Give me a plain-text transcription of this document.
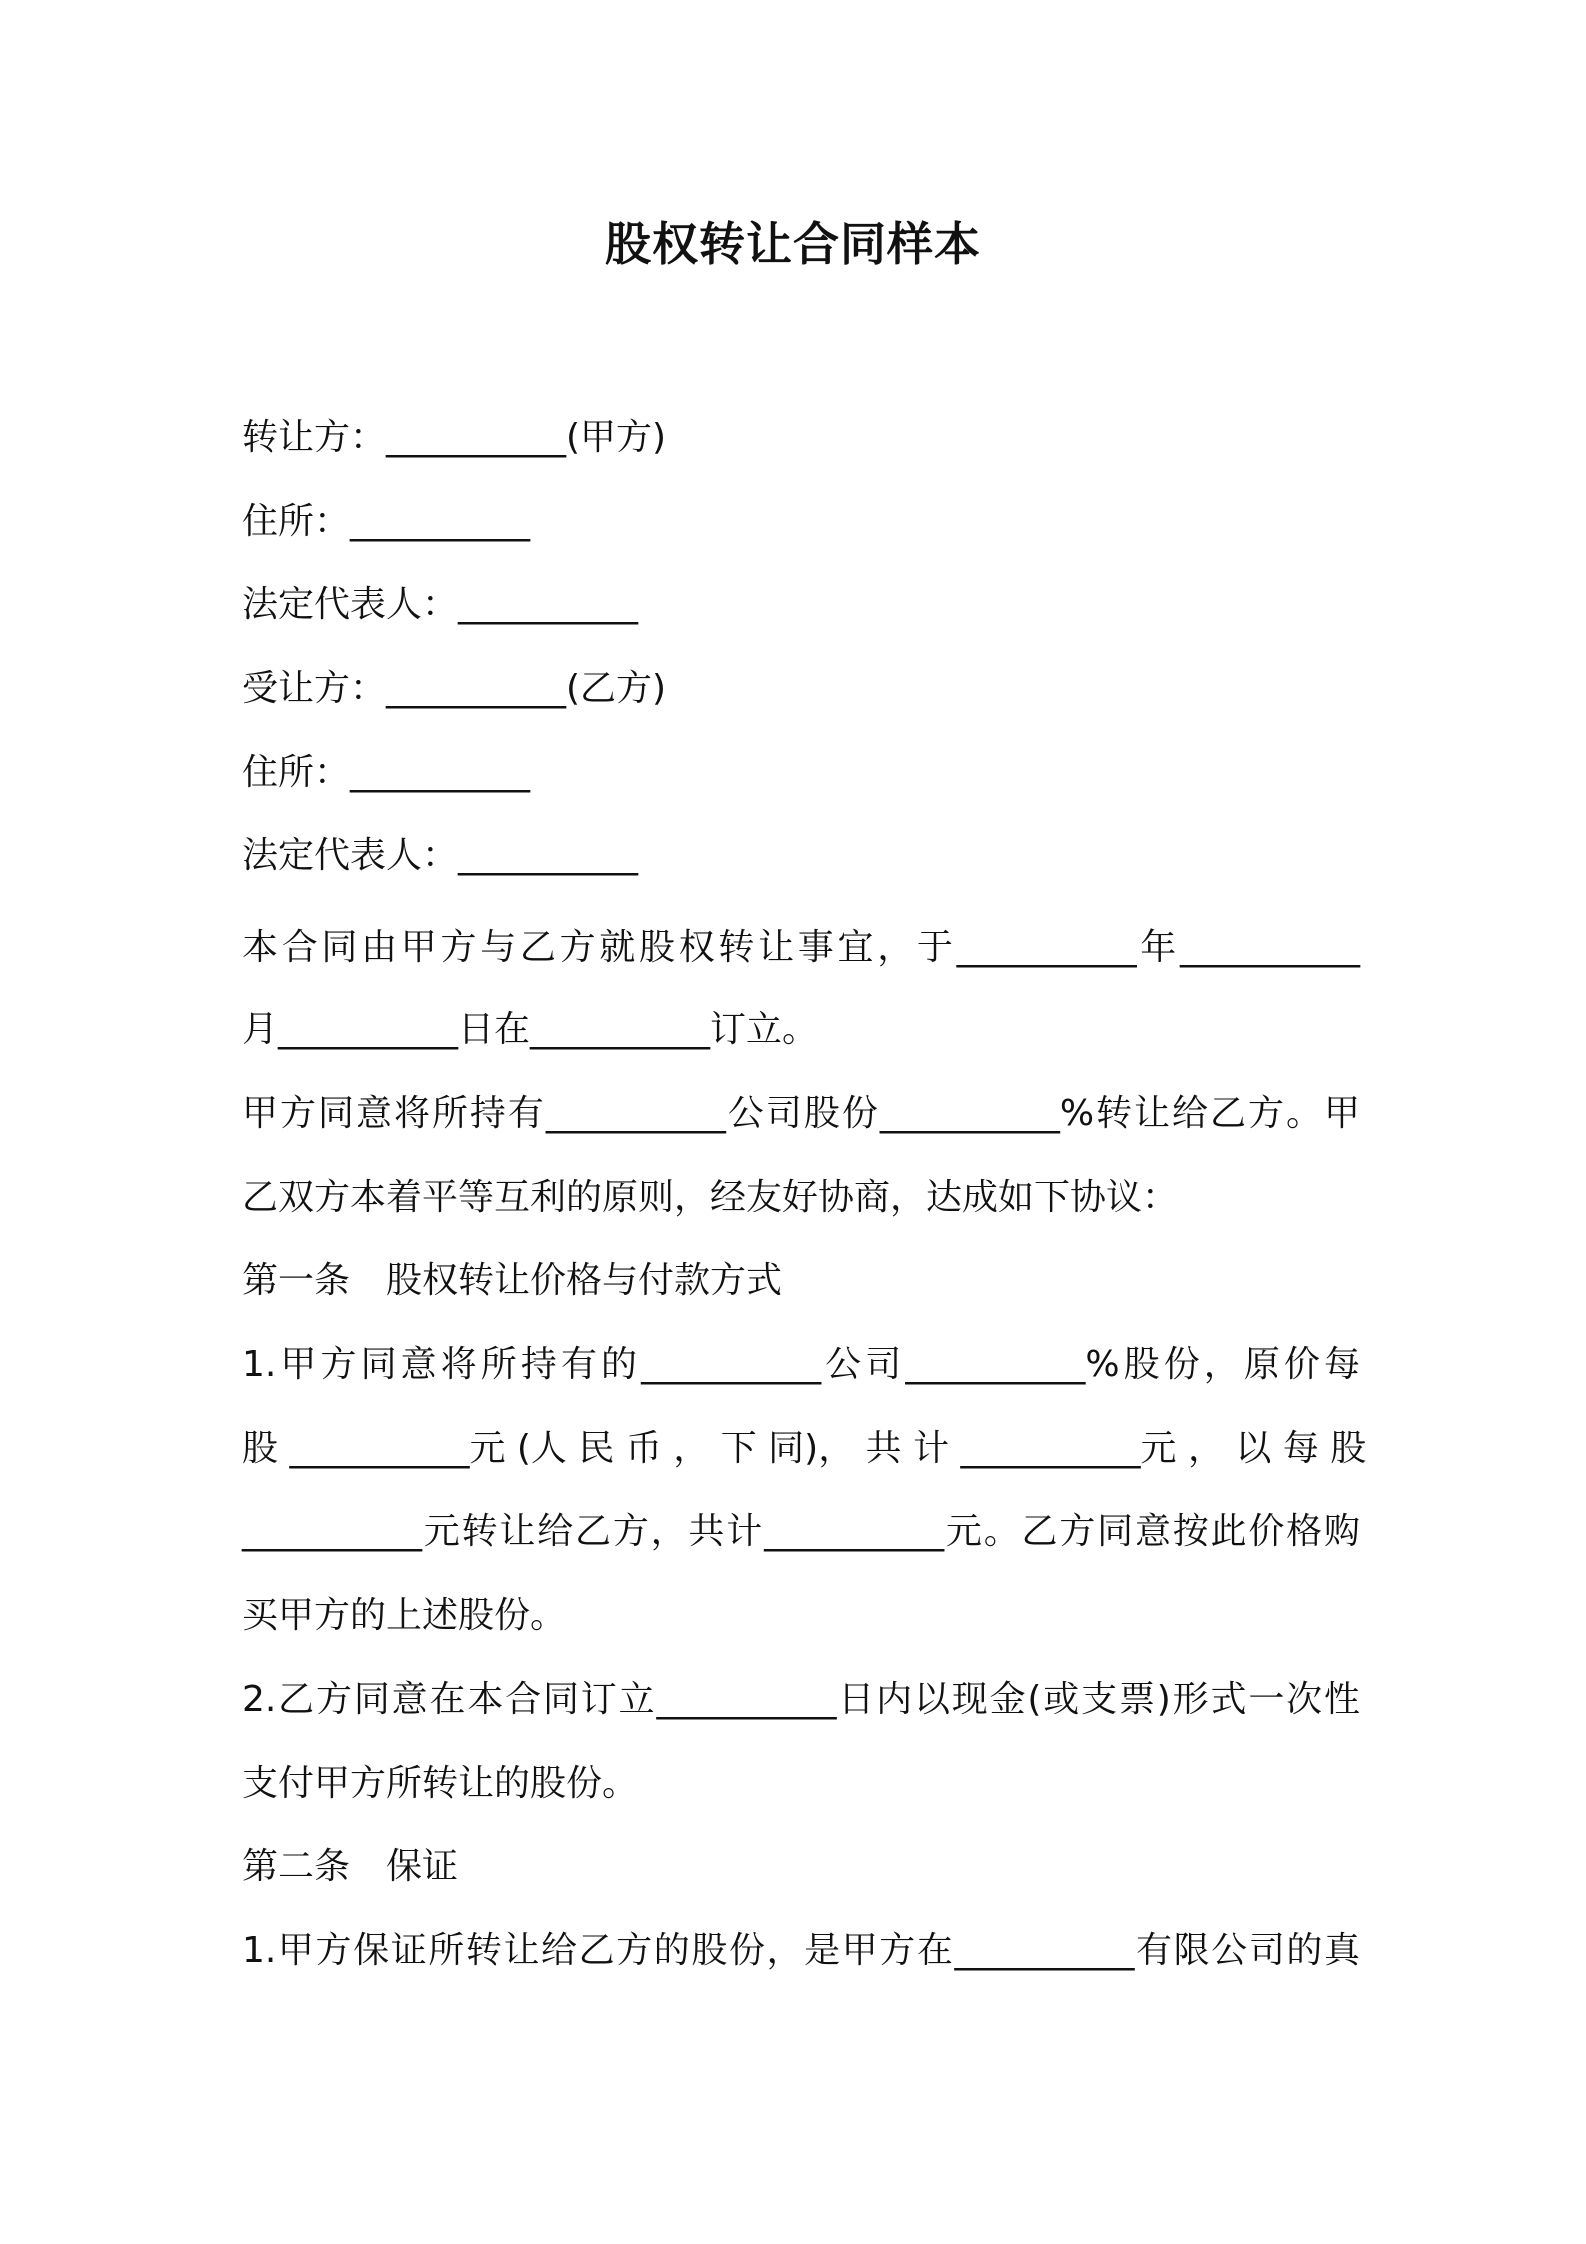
股权转让合同样本
转让方：__________(甲方)
住所：__________
法定代表人：__________
受让方：__________(乙方)
住所：__________
法定代表人：__________
本合同由甲方与乙方就股权转让事宜，于__________年__________
月__________日在__________订立。
甲方同意将所持有__________公司股份__________%转让给乙方。甲
乙双方本着平等互利的原则，经友好协商，达成如下协议：
第一条　股权转让价格与付款方式
1.甲方同意将所持有的__________公司__________%股份，原价每
股 __________元 (人 民 币 ， 下 同)， 共 计 __________元 ， 以 每 股
__________元转让给乙方，共计__________元。乙方同意按此价格购
买甲方的上述股份。
2.乙方同意在本合同订立__________日内以现金(或支票)形式一次性
支付甲方所转让的股份。
第二条　保证
1.甲方保证所转让给乙方的股份，是甲方在__________有限公司的真
